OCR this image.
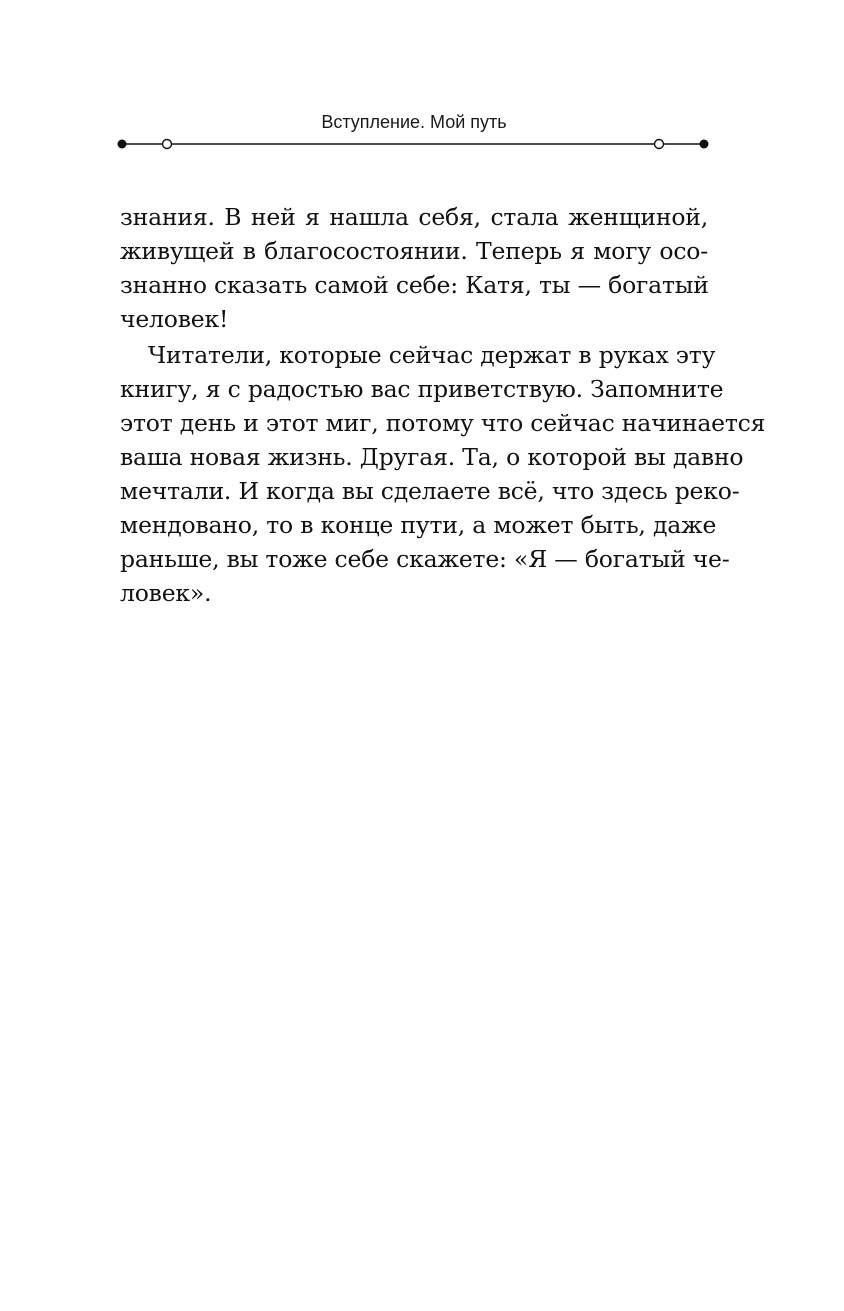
Вступление. Мой путь
знания. В ней я нашла себя, стала женщиной,
живущей в благосостоянии. Теперь я могу осо-
знанно сказать самой себе: Катя, ты — богатый
человек!
Читатели, которые сейчас держат в руках эту
книгу, я с радостью вас приветствую. Запомните
этот день и этот миг, потому что сейчас начинается
ваша новая жизнь. Другая. Та, о которой вы давно
мечтали. И когда вы сделаете всё, что здесь реко-
мендовано, то в конце пути, а может быть, даже
раньше, вы тоже себе скажете: «Я — богатый че-
ловек».
